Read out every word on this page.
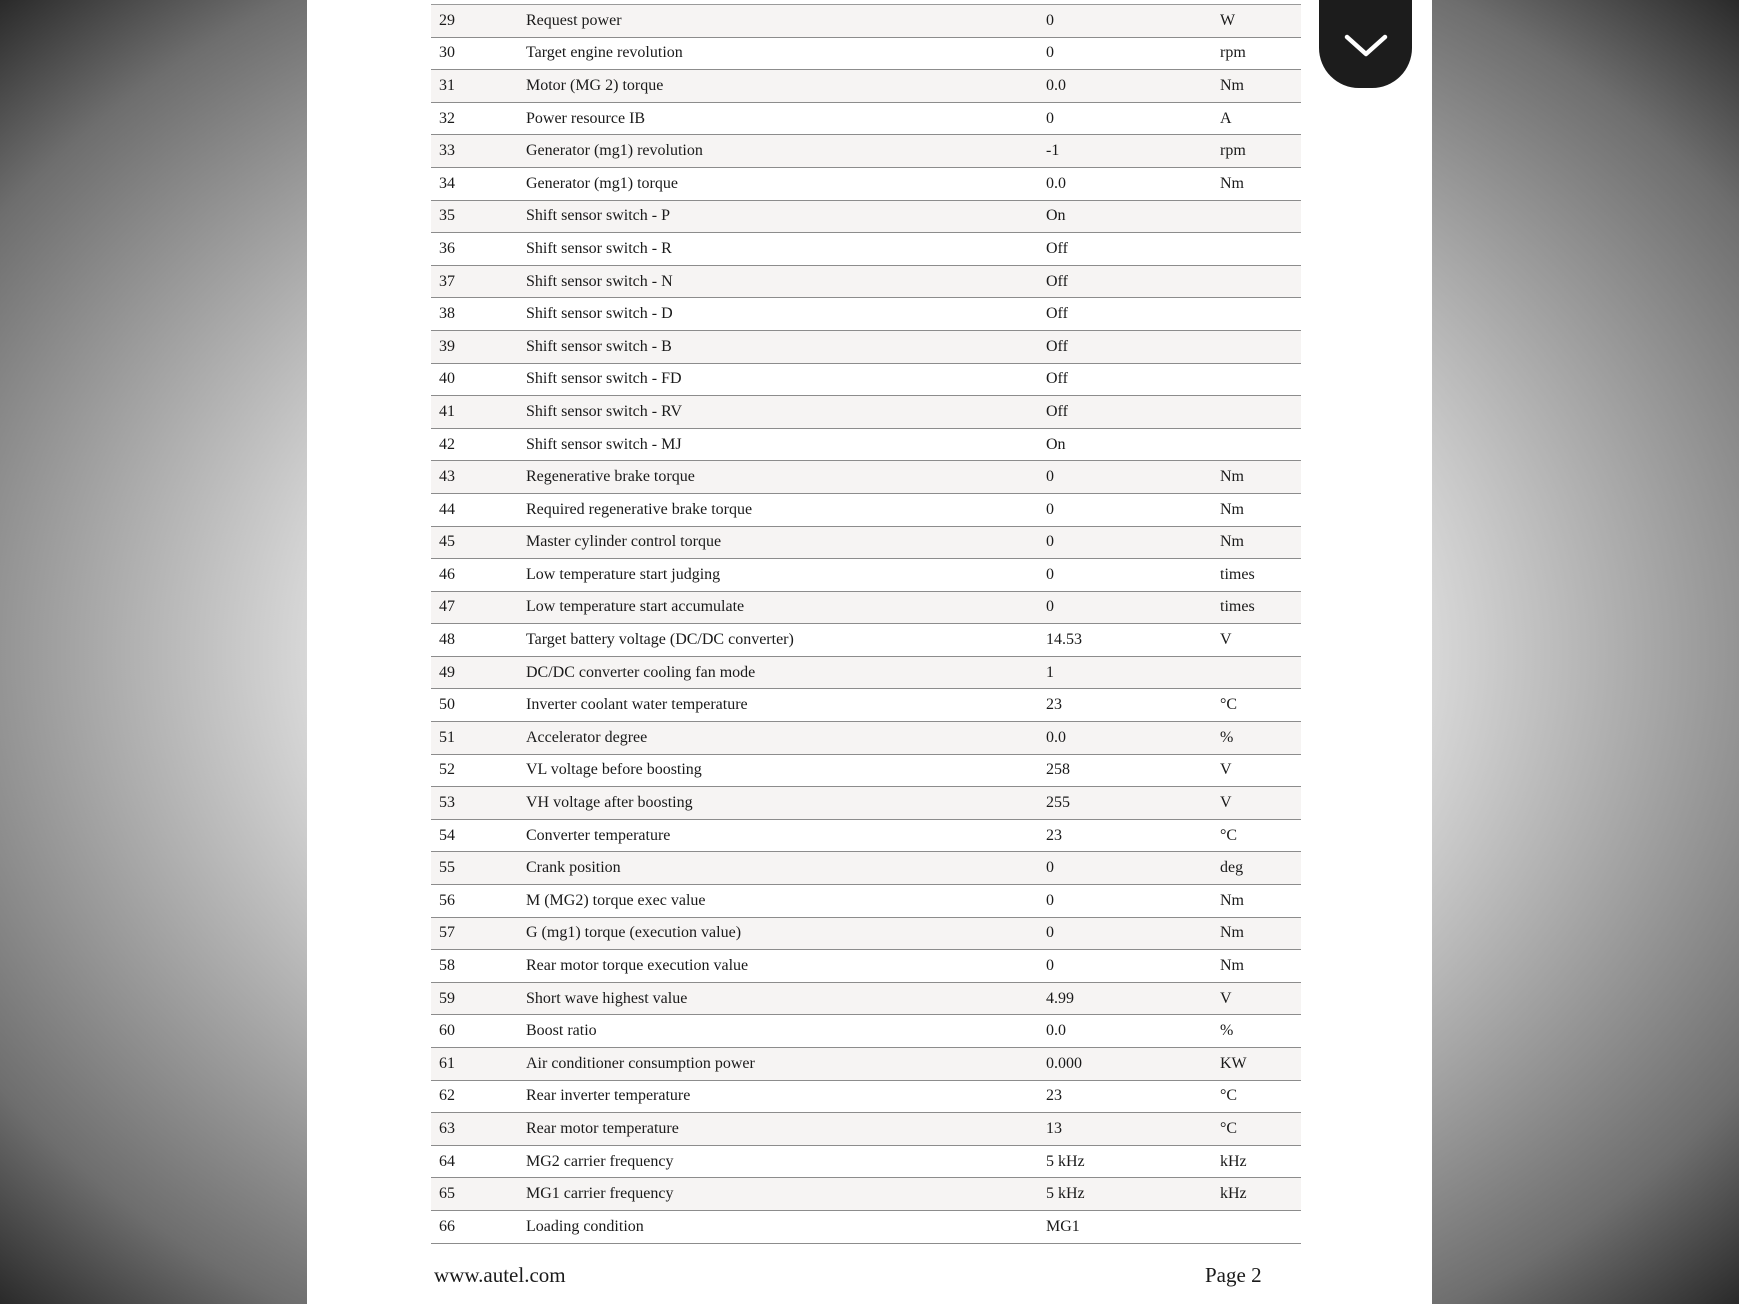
29	Request power	0	W
30	Target engine revolution	0	rpm
31	Motor (MG 2) torque	0.0	Nm
32	Power resource IB	0	A
33	Generator (mg1) revolution	-1	rpm
34	Generator (mg1) torque	0.0	Nm
35	Shift sensor switch - P	On
36	Shift sensor switch - R	Off
37	Shift sensor switch - N	Off
38	Shift sensor switch - D	Off
39	Shift sensor switch - B	Off
40	Shift sensor switch - FD	Off
41	Shift sensor switch - RV	Off
42	Shift sensor switch - MJ	On
43	Regenerative brake torque	0	Nm
44	Required regenerative brake torque	0	Nm
45	Master cylinder control torque	0	Nm
46	Low temperature start judging	0	times
47	Low temperature start accumulate	0	times
48	Target battery voltage (DC/DC converter)	14.53	V
49	DC/DC converter cooling fan mode	1
50	Inverter coolant water temperature	23	°C
51	Accelerator degree	0.0	%
52	VL voltage before boosting	258	V
53	VH voltage after boosting	255	V
54	Converter temperature	23	°C
55	Crank position	0	deg
56	M (MG2) torque exec value	0	Nm
57	G (mg1) torque (execution value)	0	Nm
58	Rear motor torque execution value	0	Nm
59	Short wave highest value	4.99	V
60	Boost ratio	0.0	%
61	Air conditioner consumption power	0.000	KW
62	Rear inverter temperature	23	°C
63	Rear motor temperature	13	°C
64	MG2 carrier frequency	5 kHz	kHz
65	MG1 carrier frequency	5 kHz	kHz
66	Loading condition	MG1
www.autel.com	Page 2
